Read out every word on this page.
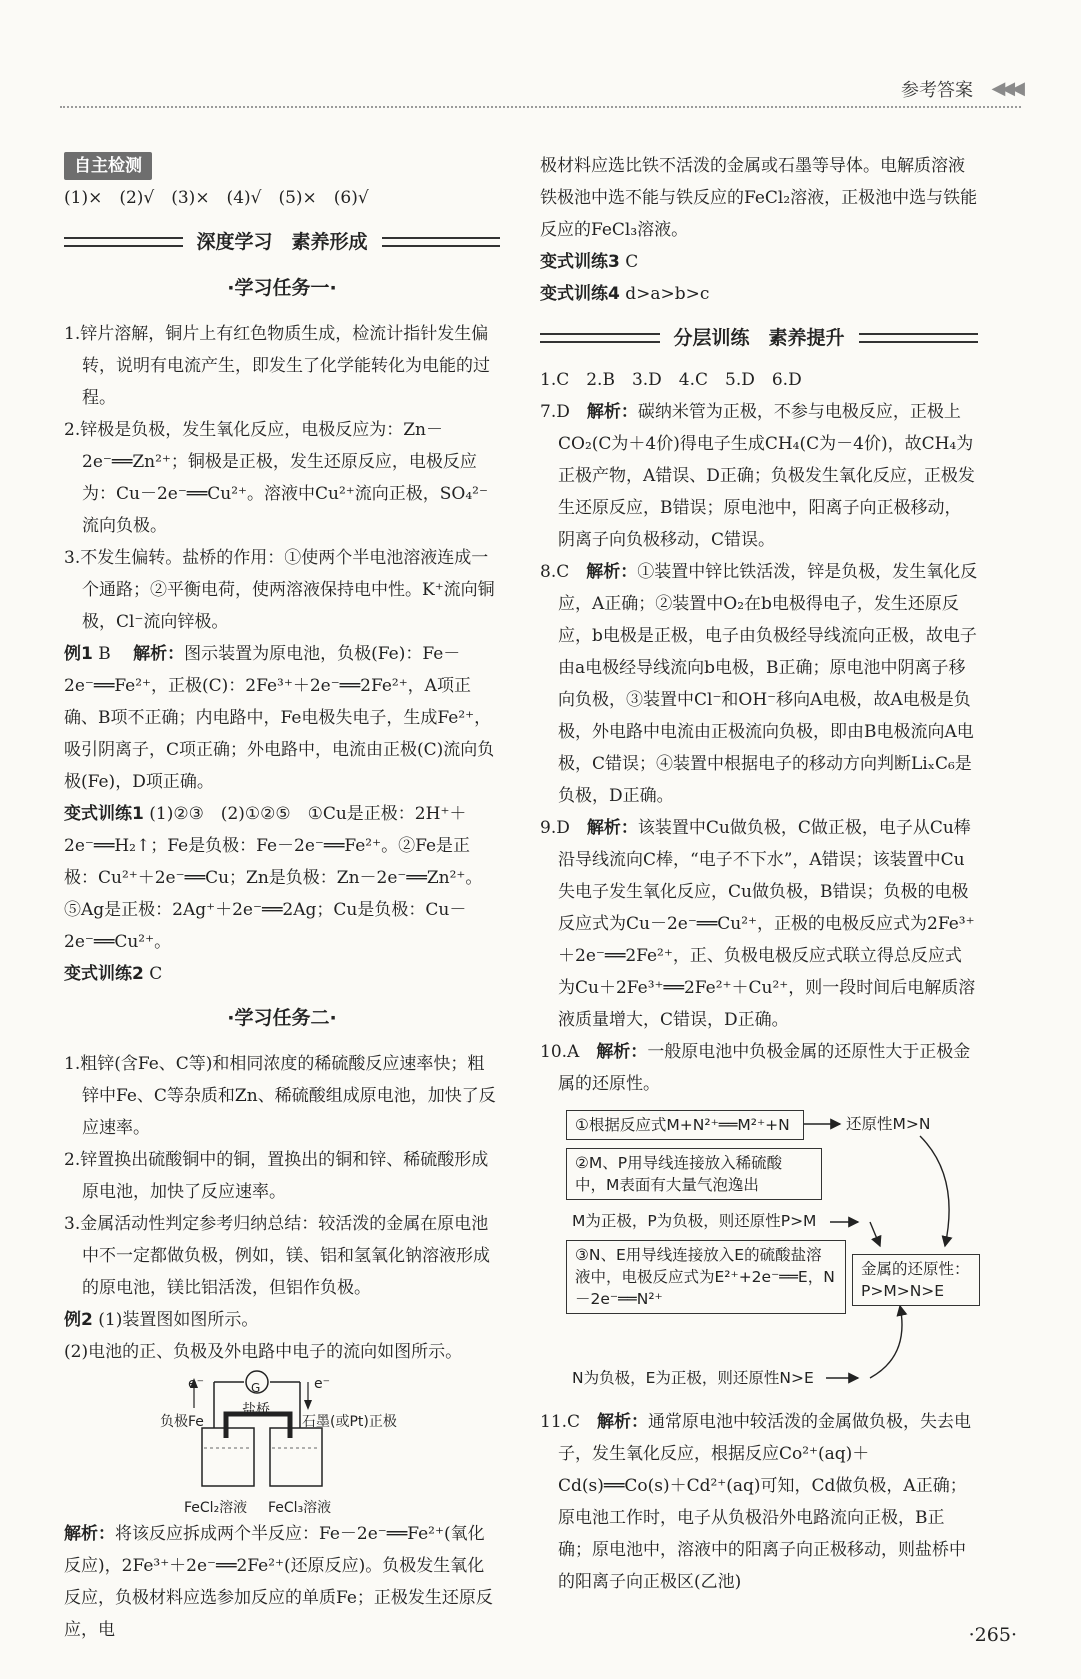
参考答案 ◀◀◀
自主检测

(1)×　(2)√　(3)×　(4)√　(5)×　(6)√

深度学习　素养形成
·学习任务一·

1.锌片溶解，铜片上有红色物质生成，检流计指针发生偏转，说明有电流产生，即发生了化学能转化为电能的过程。

2.锌极是负极，发生氧化反应，电极反应为：Zn－2e⁻══Zn²⁺；铜极是正极，发生还原反应，电极反应为：Cu－2e⁻══Cu²⁺。溶液中Cu²⁺流向正极，SO₄²⁻流向负极。

3.不发生偏转。盐桥的作用：①使两个半电池溶液连成一个通路；②平衡电荷，使两溶液保持电中性。K⁺流向铜极，Cl⁻流向锌极。

例1 B　 解析：图示装置为原电池，负极(Fe)：Fe－2e⁻══Fe²⁺，正极(C)：2Fe³⁺＋2e⁻══2Fe²⁺，A项正确、B项不正确；内电路中，Fe电极失电子，生成Fe²⁺，吸引阴离子，C项正确；外电路中，电流由正极(C)流向负极(Fe)，D项正确。

变式训练1 (1)②③　(2)①②⑤　①Cu是正极：2H⁺＋2e⁻══H₂↑；Fe是负极：Fe－2e⁻══Fe²⁺。②Fe是正极：Cu²⁺＋2e⁻══Cu；Zn是负极：Zn－2e⁻══Zn²⁺。⑤Ag是正极：2Ag⁺＋2e⁻══2Ag；Cu是负极：Cu－2e⁻══Cu²⁺。

变式训练2 C

·学习任务二·

1.粗锌(含Fe、C等)和相同浓度的稀硫酸反应速率快；粗锌中Fe、C等杂质和Zn、稀硫酸组成原电池，加快了反应速率。

2.锌置换出硫酸铜中的铜，置换出的铜和锌、稀硫酸形成原电池，加快了反应速率。

3.金属活动性判定参考归纳总结：较活泼的金属在原电池中不一定都做负极，例如，镁、铝和氢氧化钠溶液形成的原电池，镁比铝活泼，但铝作负极。

例2 (1)装置图如图所示。

(2)电池的正、负极及外电路中电子的流向如图所示。

e⁻	e⁻
G
盐桥
负极Fe	石墨(或Pt)正极
FeCl₂溶液 FeCl₃溶液

解析：将该反应拆成两个半反应：Fe－2e⁻══Fe²⁺(氧化反应)，2Fe³⁺＋2e⁻══2Fe²⁺(还原反应)。负极发生氧化反应，负极材料应选参加反应的单质Fe；正极发生还原反应，电

极材料应选比铁不活泼的金属或石墨等导体。电解质溶液铁极池中选不能与铁反应的FeCl₂溶液，正极池中选与铁能反应的FeCl₃溶液。

变式训练3 C

变式训练4 d>a>b>c

分层训练　素养提升

1.C　2.B　3.D　4.C　5.D　6.D

7.D　 解析：碳纳米管为正极，不参与电极反应，正极上CO₂(C为＋4价)得电子生成CH₄(C为－4价)，故CH₄为正极产物，A错误、D正确；负极发生氧化反应，正极发生还原反应，B错误；原电池中，阳离子向正极移动，阴离子向负极移动，C错误。

8.C　 解析：①装置中锌比铁活泼，锌是负极，发生氧化反应，A正确；②装置中O₂在b电极得电子，发生还原反应，b电极是正极，电子由负极经导线流向正极，故电子由a电极经导线流向b电极，B正确；原电池中阴离子移向负极，③装置中Cl⁻和OH⁻移向A电极，故A电极是负极，外电路中电流由正极流向负极，即由B电极流向A电极，C错误；④装置中根据电子的移动方向判断LiₓC₆是负极，D正确。

9.D　 解析：该装置中Cu做负极，C做正极，电子从Cu棒沿导线流向C棒，“电子不下水”，A错误；该装置中Cu失电子发生氧化反应，Cu做负极，B错误；负极的电极反应式为Cu－2e⁻══Cu²⁺，正极的电极反应式为2Fe³⁺＋2e⁻══2Fe²⁺，正、负极电极反应式联立得总反应式为Cu＋2Fe³⁺══2Fe²⁺＋Cu²⁺，则一段时间后电解质溶液质量增大，C错误，D正确。

10.A　 解析：一般原电池中负极金属的还原性大于正极金属的还原性。

①根据反应式M+N²⁺══M²⁺+N	还原性M>N
②M、P用导线连接放入稀硫酸中，M表面有大量气泡逸出
M为正极，P为负极，则还原性P>M
③N、E用导线连接放入E的硫酸盐溶液中，电极反应式为E²⁺+2e⁻══E，N－2e⁻══N²⁺
金属的还原性：P>M>N>E
N为负极，E为正极，则还原性N>E

11.C　 解析：通常原电池中较活泼的金属做负极，失去电子，发生氧化反应，根据反应Co²⁺(aq)＋Cd(s)══Co(s)＋Cd²⁺(aq)可知，Cd做负极，A正确；原电池工作时，电子从负极沿外电路流向正极，B正确；原电池中，溶液中的阳离子向正极移动，则盐桥中的阳离子向正极区(乙池)

·265·
